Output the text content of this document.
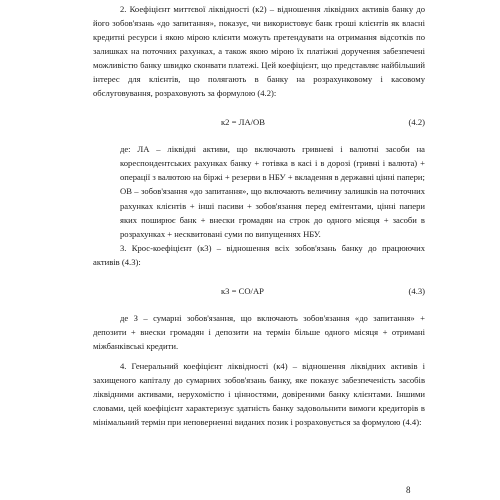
2. Коефіцієнт миттєвої ліквідності (к2) – відношення ліквідних активів банку до його зобов'язань «до запитання», показує, чи використовує банк гроші клієнтів як власні кредитні ресурси і якою мірою клієнти можуть претендувати на отримання відсотків по залишках на поточних рахунках, а також якою мірою їх платіжні доручення забезпечені можливістю банку швидко сконвати платежі. Цей коефіцієнт, що представляє найбільший інтерес для клієнтів, що полягають в банку на розрахунковому і касовому обслуговування, розраховують за формулою (4.2):

к2 = ЛА/ОВ	(4.2)

де: ЛА – ліквідні активи, що включають гривневі і валютні засоби на кореспондентських рахунках банку + готівка в касі і в дорозі (гривні і валюта) + операції з валютою на біржі + резерви в НБУ + вкладення в державні цінні папери;

ОВ – зобов'язання «до запитання», що включають величину залишків на поточних рахунках клієнтів + інші пасиви + зобов'язання перед емітентами, цінні папери яких поширює банк + внески громадян на строк до одного місяця + засоби в розрахунках + несквитовані суми по випущеннях НБУ.

3. Крос-коефіцієнт (к3) – відношення всіх зобов'язань банку до працюючих активів (4.3):

к3 = СО/АР	(4.3)

де З – сумарні зобов'язання, що включають зобов'язання «до запитання» + депозити + внески громадян і депозити на термін більше одного місяця + отримані міжбанківські кредити.

4. Генеральний коефіцієнт ліквідності (к4) – відношення ліквідних активів і захищеного капіталу до сумарних зобов'язань банку, яке показує забезпеченість засобів ліквідними активами, нерухомістю і цінностями, довіреними банку клієнтами. Іншими словами, цей коефіцієнт характеризує здатність банку задовольнити вимоги кредиторів в мінімальний термін при неповерненні виданих позик і розраховується за формулою (4.4):

8
